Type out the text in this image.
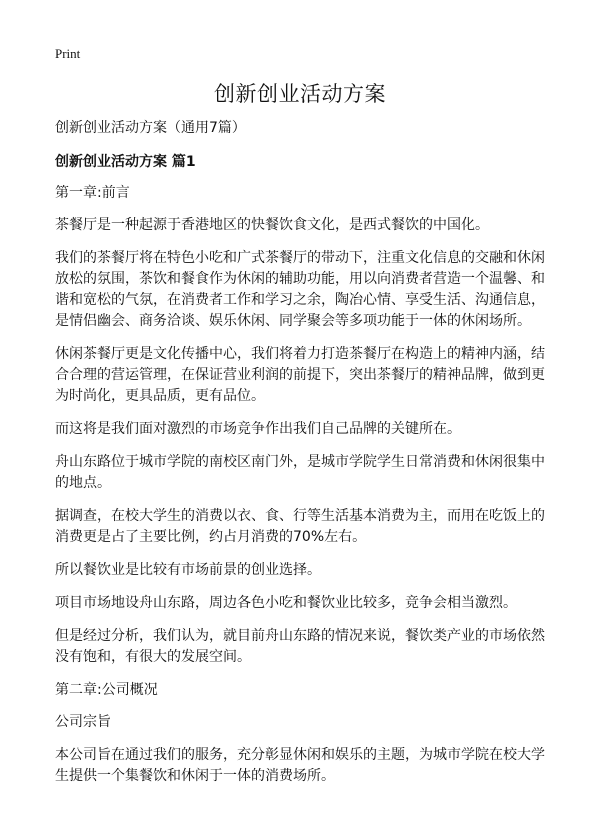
Print
创新创业活动方案

创新创业活动方案（通用7篇）

创新创业活动方案 篇1

第一章:前言

茶餐厅是一种起源于香港地区的快餐饮食文化，是西式餐饮的中国化。

我们的茶餐厅将在特色小吃和广式茶餐厅的带动下，注重文化信息的交融和休闲放松的氛围，茶饮和餐食作为休闲的辅助功能，用以向消费者营造一个温馨、和谐和宽松的气氛，在消费者工作和学习之余，陶冶心情、享受生活、沟通信息，是情侣幽会、商务洽谈、娱乐休闲、同学聚会等多项功能于一体的休闲场所。

休闲茶餐厅更是文化传播中心，我们将着力打造茶餐厅在构造上的精神内涵，结合合理的营运管理，在保证营业利润的前提下，突出茶餐厅的精神品牌，做到更为时尚化，更具品质，更有品位。

而这将是我们面对激烈的市场竞争作出我们自己品牌的关键所在。

舟山东路位于城市学院的南校区南门外，是城市学院学生日常消费和休闲很集中的地点。

据调查，在校大学生的消费以衣、食、行等生活基本消费为主，而用在吃饭上的消费更是占了主要比例，约占月消费的70%左右。

所以餐饮业是比较有市场前景的创业选择。

项目市场地设舟山东路，周边各色小吃和餐饮业比较多，竞争会相当激烈。

但是经过分析，我们认为，就目前舟山东路的情况来说，餐饮类产业的市场依然没有饱和，有很大的发展空间。

第二章:公司概况

公司宗旨

本公司旨在通过我们的服务，充分彰显休闲和娱乐的主题，为城市学院在校大学生提供一个集餐饮和休闲于一体的消费场所。
